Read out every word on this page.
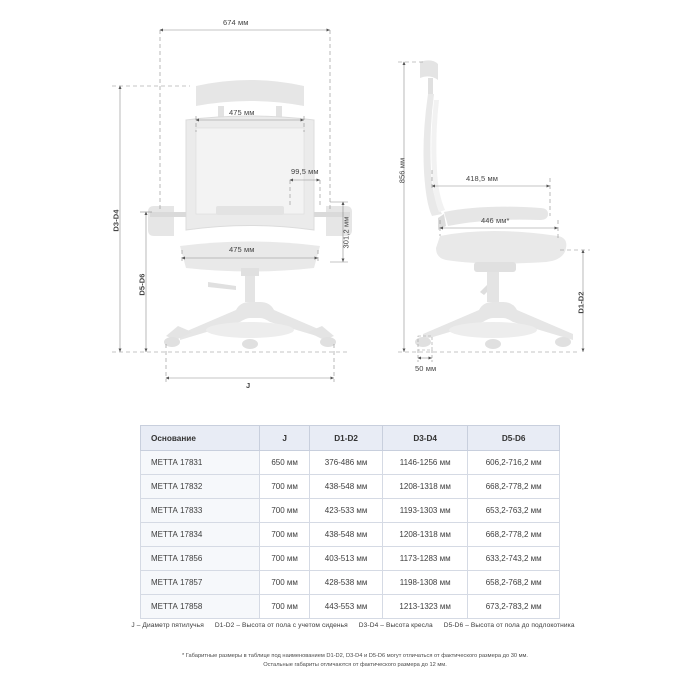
674 мм
475 мм
99,5 мм
475 мм
301,2 мм
D3-D4
D5-D6
J
856 мм	418,5 мм
446 мм*
50 мм
D1-D2
Основание	J	D1-D2	D3-D4	D5-D6
МЕТТА 17831	650 мм	376-486 мм	1146-1256 мм	606,2-716,2 мм
МЕТТА 17832	700 мм	438-548 мм	1208-1318 мм	668,2-778,2 мм
МЕТТА 17833	700 мм	423-533 мм	1193-1303 мм	653,2-763,2 мм
МЕТТА 17834	700 мм	438-548 мм	1208-1318 мм	668,2-778,2 мм
МЕТТА 17856	700 мм	403-513 мм	1173-1283 мм	633,2-743,2 мм
МЕТТА 17857	700 мм	428-538 мм	1198-1308 мм	658,2-768,2 мм
МЕТТА 17858	700 мм	443-553 мм	1213-1323 мм	673,2-783,2 мм
J – Диаметр пятилучья D1-D2 – Высота от пола с учетом сиденья D3-D4 – Высота кресла D5-D6 – Высота от пола до подлокотника
* Габаритные размеры в таблице под наименованием D1-D2, D3-D4 и D5-D6 могут отличаться от фактического размера до 30 мм.
Остальные габариты отличаются от фактического размера до 12 мм.
